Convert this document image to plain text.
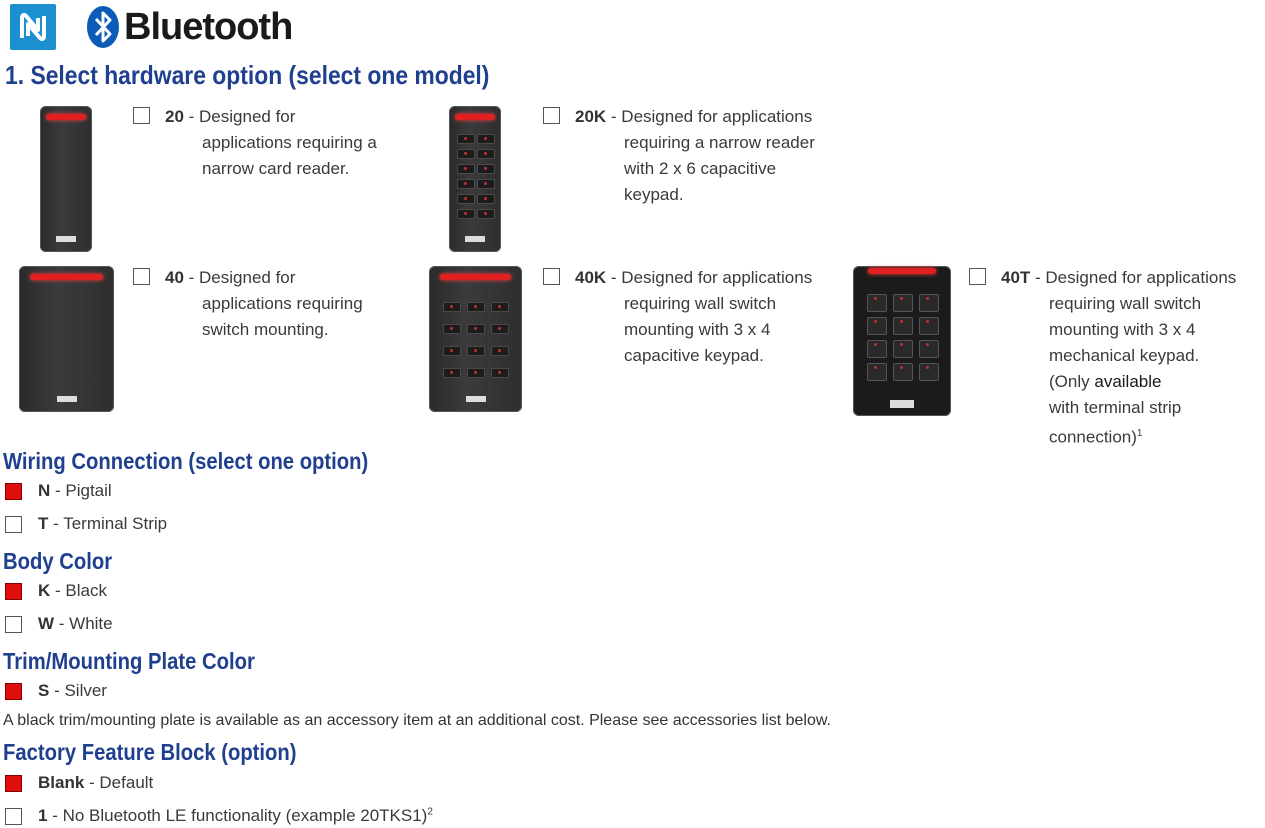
Bluetooth
1. Select hardware option (select one model)
20 - Designed for
applications requiring a
narrow card reader.
20K - Designed for applications
requiring a narrow reader
with 2 x 6 capacitive
keypad.
40 - Designed for
applications requiring
switch mounting.
40K - Designed for applications
requiring wall switch
mounting with 3 x 4
capacitive keypad.
40T - Designed for applications
requiring wall switch
mounting with 3 x 4
mechanical keypad.
(Only available
with terminal strip
connection)$^1$
Wiring Connection (select one option)
N - Pigtail
T - Terminal Strip
Body Color
K - Black
W - White
Trim/Mounting Plate Color
S - Silver
A black trim/mounting plate is available as an accessory item at an additional cost. Please see accessories list below.
Factory Feature Block (option)
Blank - Default
1 - No Bluetooth LE functionality (example 20TKS1)$^2$
